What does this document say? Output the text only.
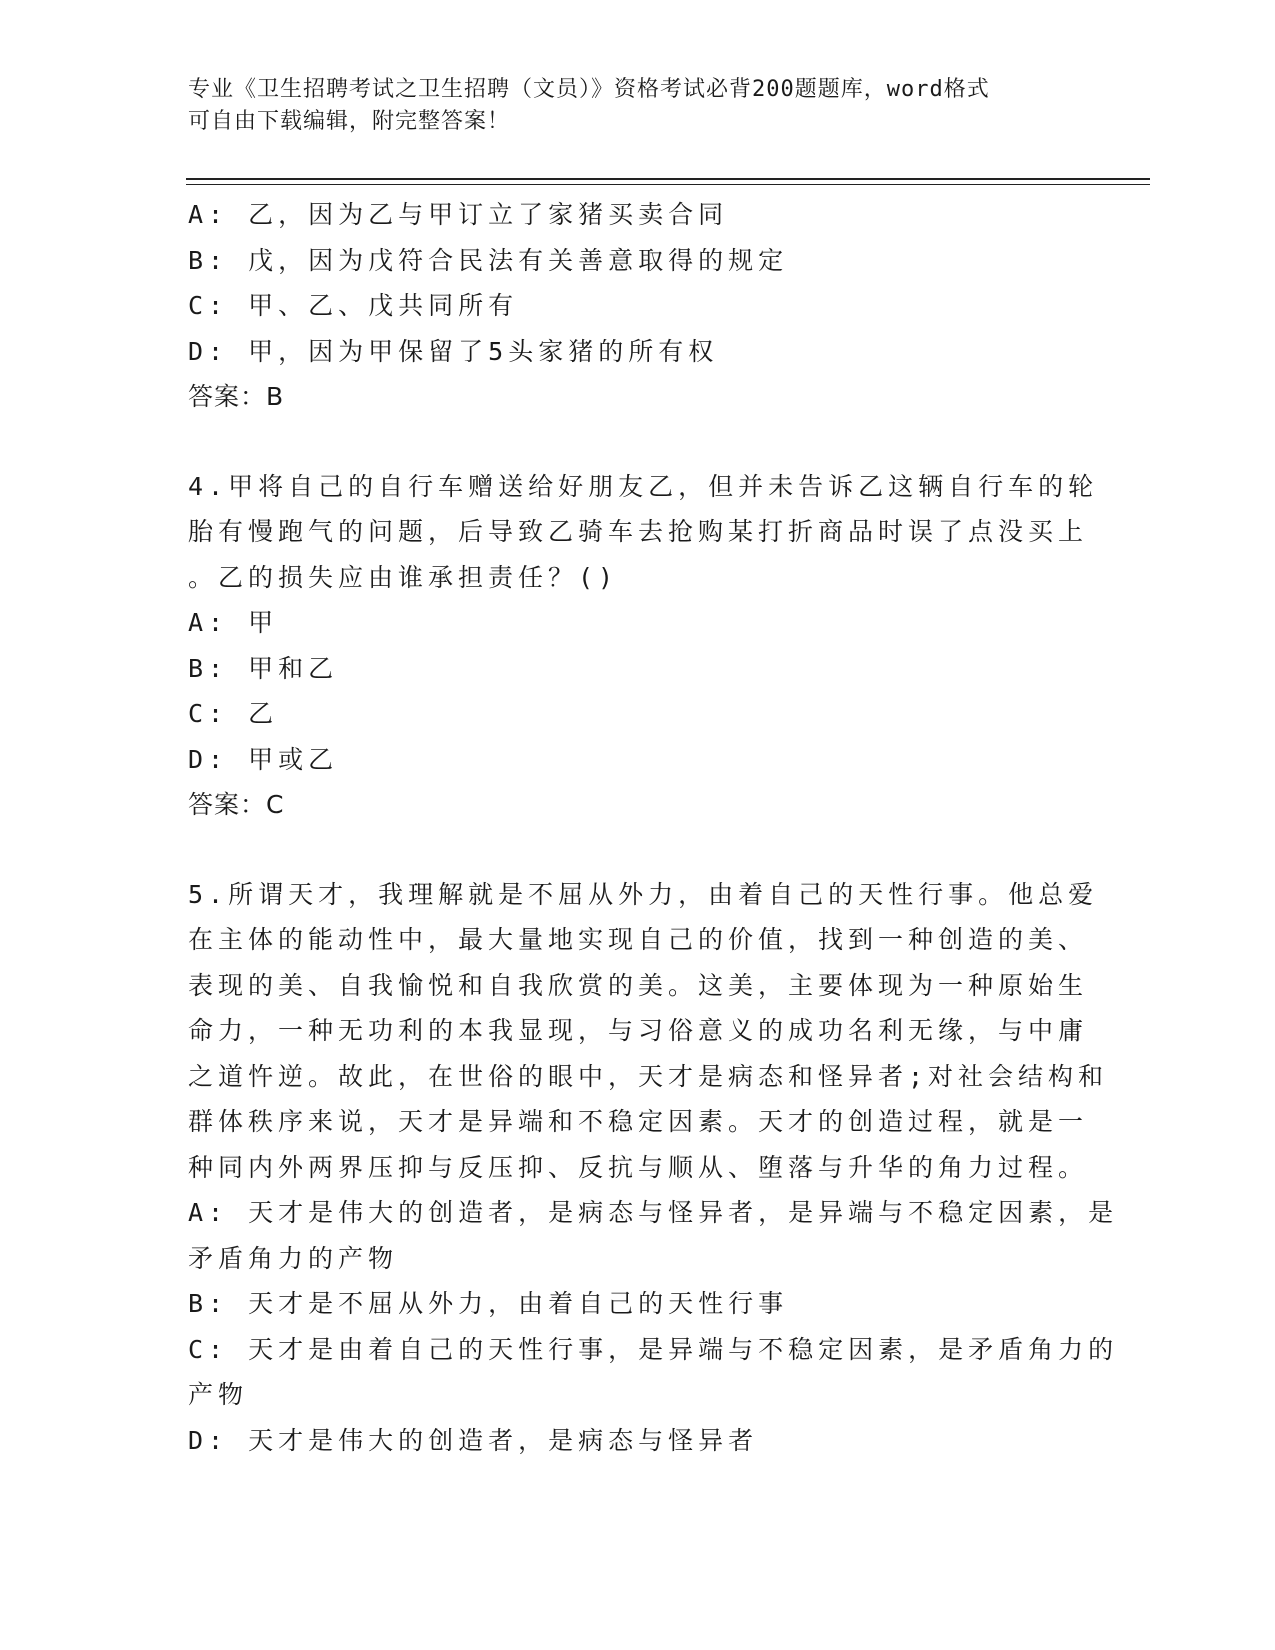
专业《卫生招聘考试之卫生招聘（文员）》资格考试必背200题题库，word格式
可自由下载编辑，附完整答案！
A: 乙，因为乙与甲订立了家猪买卖合同
B: 戊，因为戊符合民法有关善意取得的规定
C: 甲、乙、戊共同所有
D: 甲，因为甲保留了5头家猪的所有权
答案：B
4.甲将自己的自行车赠送给好朋友乙，但并未告诉乙这辆自行车的轮
胎有慢跑气的问题，后导致乙骑车去抢购某打折商品时误了点没买上
。乙的损失应由谁承担责任？()
A: 甲
B: 甲和乙
C: 乙
D: 甲或乙
答案：C
5.所谓天才，我理解就是不屈从外力，由着自己的天性行事。他总爱
在主体的能动性中，最大量地实现自己的价值，找到一种创造的美、
表现的美、自我愉悦和自我欣赏的美。这美，主要体现为一种原始生
命力，一种无功利的本我显现，与习俗意义的成功名利无缘，与中庸
之道忤逆。故此，在世俗的眼中，天才是病态和怪异者;对社会结构和
群体秩序来说，天才是异端和不稳定因素。天才的创造过程，就是一
种同内外两界压抑与反压抑、反抗与顺从、堕落与升华的角力过程。
A: 天才是伟大的创造者，是病态与怪异者，是异端与不稳定因素，是
矛盾角力的产物
B: 天才是不屈从外力，由着自己的天性行事
C: 天才是由着自己的天性行事，是异端与不稳定因素，是矛盾角力的
产物
D: 天才是伟大的创造者，是病态与怪异者
